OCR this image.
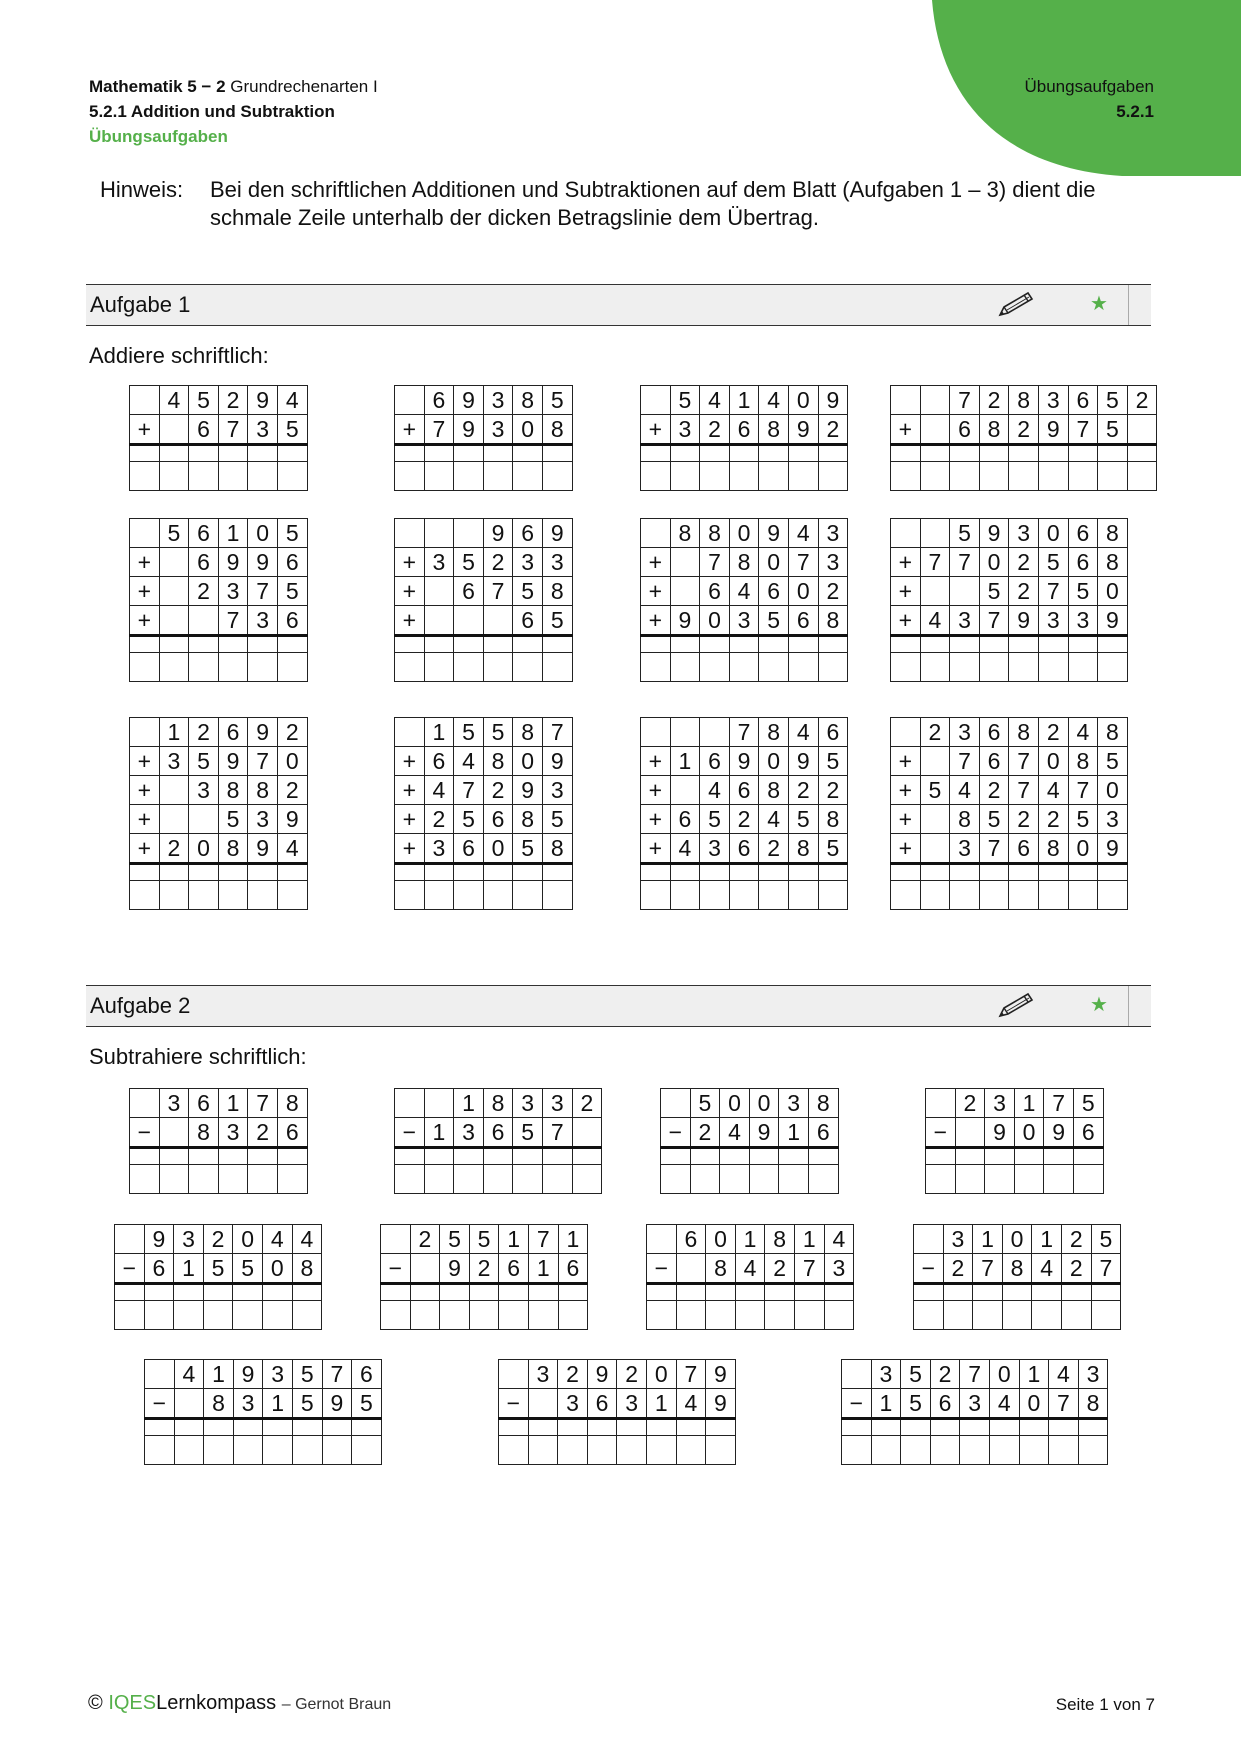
Mathematik 5 − 2 Grundrechenarten I
5.2.1 Addition und Subtraktion
Übungsaufgaben
Übungsaufgaben
5.2.1
Hinweis: Bei den schriftlichen Additionen und Subtraktionen auf dem Blatt (Aufgaben 1 – 3) dient die schmale Zeile unterhalb der dicken Betragslinie dem Übertrag.
Aufgabe 1	★
Addiere schriftlich:
Aufgabe 2	★
Subtrahiere schriftlich:
	4	5	2	9	4
+		6	7	3	5

	6	9	3	8	5
+	7	9	3	0	8

	5	4	1	4	0	9
+	3	2	6	8	9	2

		7	2	8	3	6	5	2
+		6	8	2	9	7	5	

	5	6	1	0	5
+		6	9	9	6
+		2	3	7	5
+			7	3	6

			9	6	9
+	3	5	2	3	3
+		6	7	5	8
+				6	5

	8	8	0	9	4	3
+		7	8	0	7	3
+		6	4	6	0	2
+	9	0	3	5	6	8

		5	9	3	0	6	8
+	7	7	0	2	5	6	8
+			5	2	7	5	0
+	4	3	7	9	3	3	9

	1	2	6	9	2
+	3	5	9	7	0
+		3	8	8	2
+			5	3	9
+	2	0	8	9	4

	1	5	5	8	7
+	6	4	8	0	9
+	4	7	2	9	3
+	2	5	6	8	5
+	3	6	0	5	8

			7	8	4	6
+	1	6	9	0	9	5
+		4	6	8	2	2
+	6	5	2	4	5	8
+	4	3	6	2	8	5

	2	3	6	8	2	4	8
+		7	6	7	0	8	5
+	5	4	2	7	4	7	0
+		8	5	2	2	5	3
+		3	7	6	8	0	9

	3	6	1	7	8
−		8	3	2	6

		1	8	3	3	2
−	1	3	6	5	7	

	5	0	0	3	8
−	2	4	9	1	6

	2	3	1	7	5
−		9	0	9	6

	9	3	2	0	4	4
−	6	1	5	5	0	8

	2	5	5	1	7	1
−		9	2	6	1	6

	6	0	1	8	1	4
−		8	4	2	7	3

	3	1	0	1	2	5
−	2	7	8	4	2	7

	4	1	9	3	5	7	6
−		8	3	1	5	9	5

	3	2	9	2	0	7	9
−		3	6	3	1	4	9

	3	5	2	7	0	1	4	3
−	1	5	6	3	4	0	7	8

© IQESLernkompass – Gernot Braun	Seite 1 von 7
